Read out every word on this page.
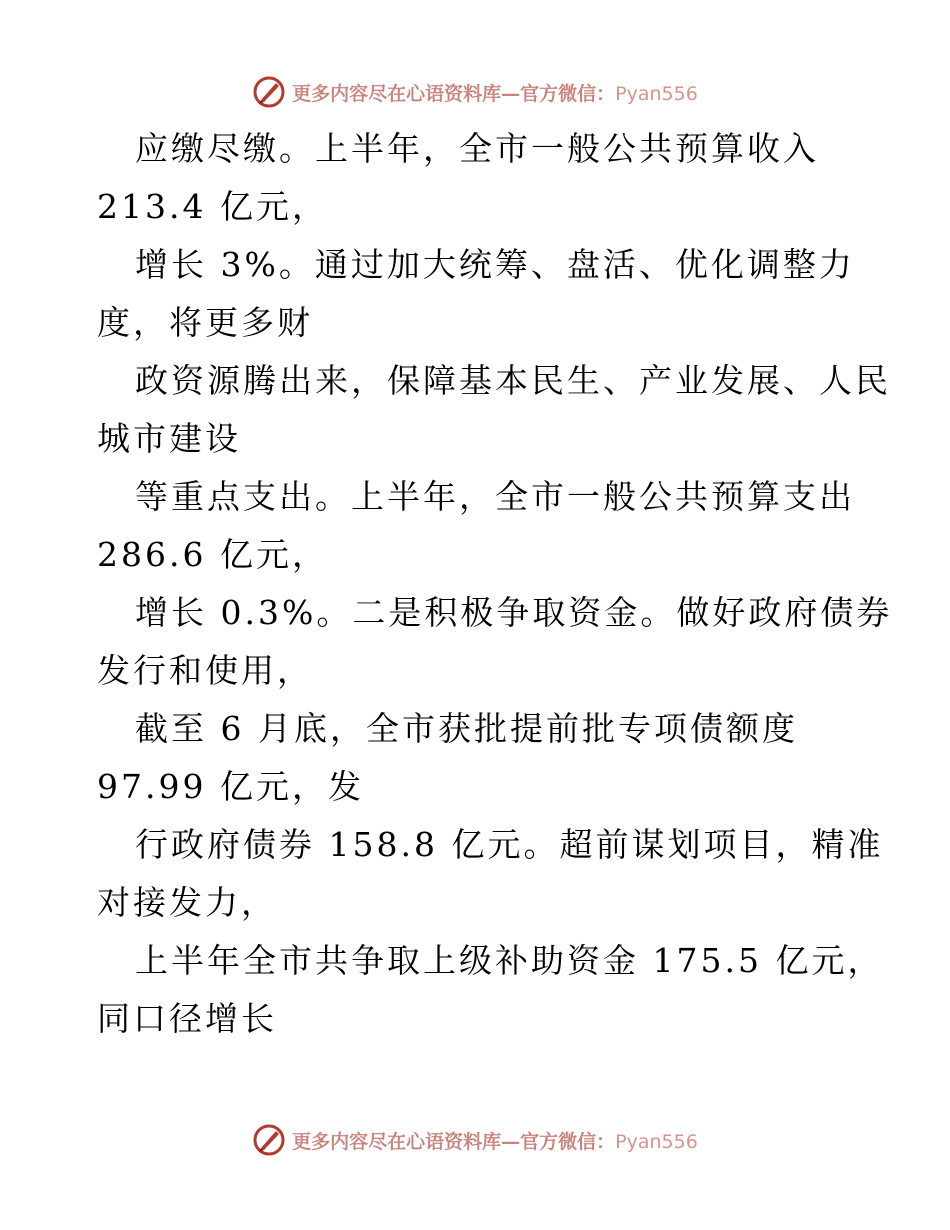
更多内容尽在心语资料库—官方微信：Pyan556
应缴尽缴。上半年，全市一般公共预算收入
213.4 亿元，
增长 3%。通过加大统筹、盘活、优化调整力
度，将更多财
政资源腾出来，保障基本民生、产业发展、人民
城市建设
等重点支出。上半年，全市一般公共预算支出
286.6 亿元，
增长 0.3%。二是积极争取资金。做好政府债券
发行和使用，
截至 6 月底，全市获批提前批专项债额度
97.99 亿元，发
行政府债券 158.8 亿元。超前谋划项目，精准
对接发力，
上半年全市共争取上级补助资金 175.5 亿元，
同口径增长
更多内容尽在心语资料库—官方微信：Pyan556
